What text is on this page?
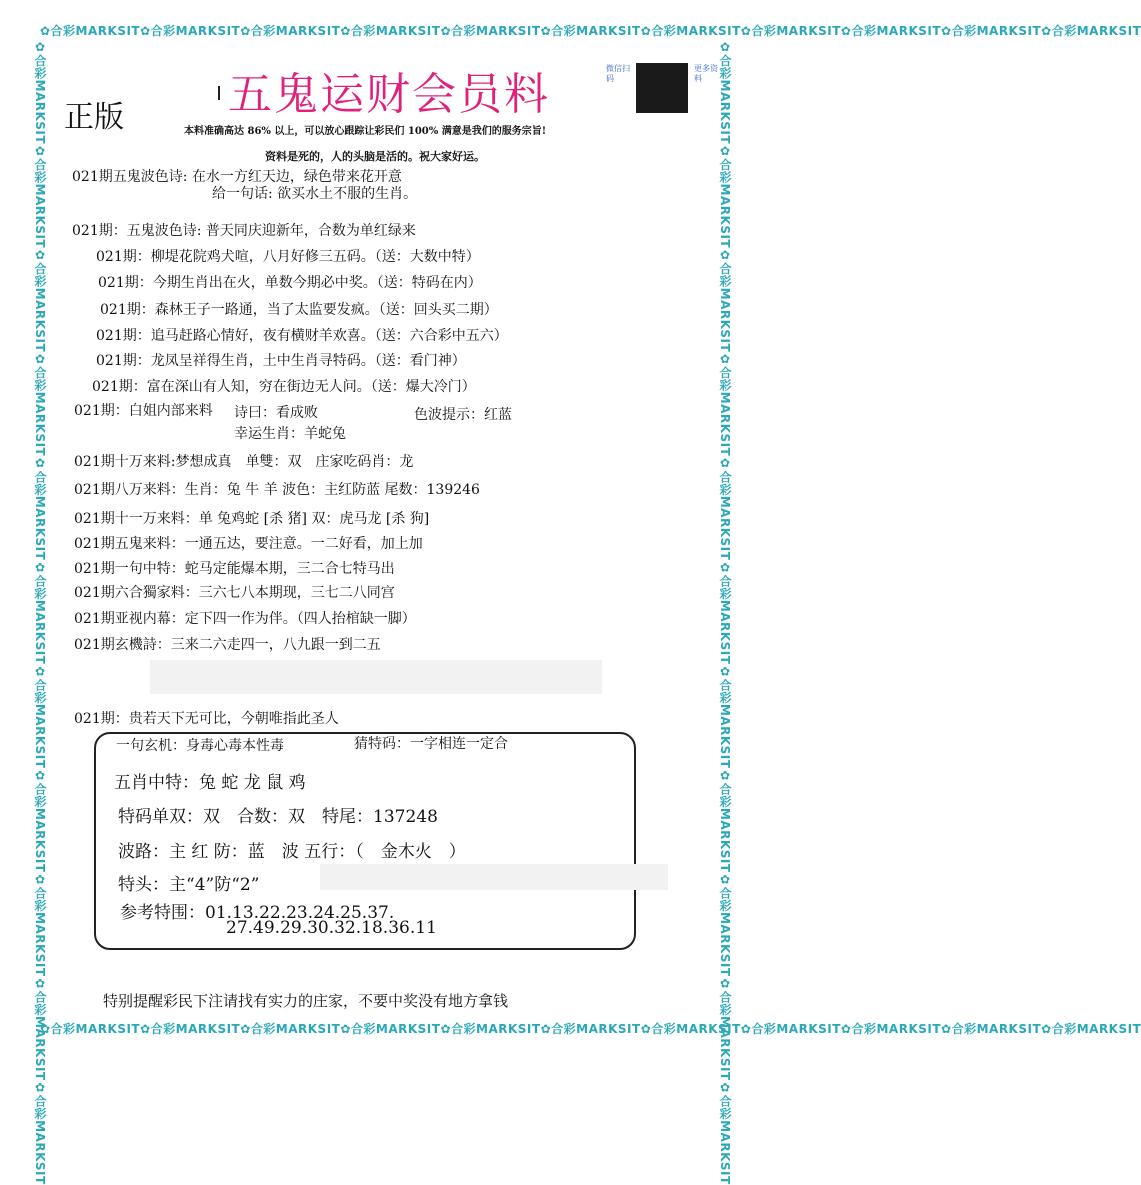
✿合彩MARKSIT✿合彩MARKSIT✿合彩MARKSIT✿合彩MARKSIT✿合彩MARKSIT✿合彩MARKSIT✿合彩MARKSIT✿合彩MARKSIT✿合彩MARKSIT✿合彩MARKSIT✿合彩MARKSIT
✿合彩MARKSIT✿合彩MARKSIT✿合彩MARKSIT✿合彩MARKSIT✿合彩MARKSIT✿合彩MARKSIT✿合彩MARKSIT✿合彩MARKSIT✿合彩MARKSIT✿合彩MARKSIT✿合彩MARKSIT
✿合彩MARKSIT✿合彩MARKSIT✿合彩MARKSIT✿合彩MARKSIT✿合彩MARKSIT✿合彩MARKSIT✿合彩MARKSIT✿合彩MARKSIT✿合彩MARKSIT✿合彩MARKSIT✿合彩MARKSIT	✿合彩MARKSIT✿合彩MARKSIT✿合彩MARKSIT✿合彩MARKSIT✿合彩MARKSIT✿合彩MARKSIT✿合彩MARKSIT✿合彩MARKSIT✿合彩MARKSIT✿合彩MARKSIT✿合彩MARKSIT
五鬼运财会员料
正版
微信扫码
更多资料
本料准确高达 86% 以上，可以放心跟踪让彩民们 100% 满意是我们的服务宗旨!
资料是死的，人的头脑是活的。祝大家好运。
021期五鬼波色诗: 在水一方红天边，绿色带来花开意
给一句话: 欲买水土不服的生肖。
021期：五鬼波色诗: 普天同庆迎新年，合数为单红绿来
021期：柳堤花院鸡犬喧，八月好修三五码。（送：大数中特）
021期：今期生肖出在火，单数今期必中奖。（送：特码在内）
021期：森林王子一路通，当了太监要发疯。（送：回头买二期）
021期：追马赶路心情好，夜有横财羊欢喜。（送：六合彩中五六）
021期：龙凤呈祥得生肖，土中生肖寻特码。（送：看门神）
021期：富在深山有人知，穷在街边无人问。（送：爆大冷门）
021期：白姐内部来料 诗曰：看成败	色波提示：红蓝
幸运生肖：羊蛇兔
021期十万来料:梦想成真　单雙：双　庄家吃码肖：龙
021期八万来料：生肖：兔 牛 羊 波色：主红防蓝 尾数：139246
021期十一万来料：单 兔鸡蛇 [杀 猪] 双：虎马龙 [杀 狗]
021期五鬼来料：一通五达，要注意。一二好看，加上加
021期一句中特：蛇马定能爆本期，三二合七特马出
021期六合獨家料：三六七八本期现，三七二八同宫
021期亚视内幕：定下四一作为伴。（四人抬棺缺一脚）
021期玄機詩：三来二六走四一，八九跟一到二五
021期：贵若天下无可比，今朝唯指此圣人
一句玄机：身毒心毒本性毒	猜特码：一字相连一定合
五肖中特：兔 蛇 龙 鼠 鸡
特码单双：双　合数：双　特尾：137248
波路：主 红 防：蓝　波 五行：（　金木火　）
特头：主“4”防“2”
参考特围：01.13.22.23.24.25.37.
27.49.29.30.32.18.36.11
特别提醒彩民下注请找有实力的庄家，不要中奖没有地方拿钱
